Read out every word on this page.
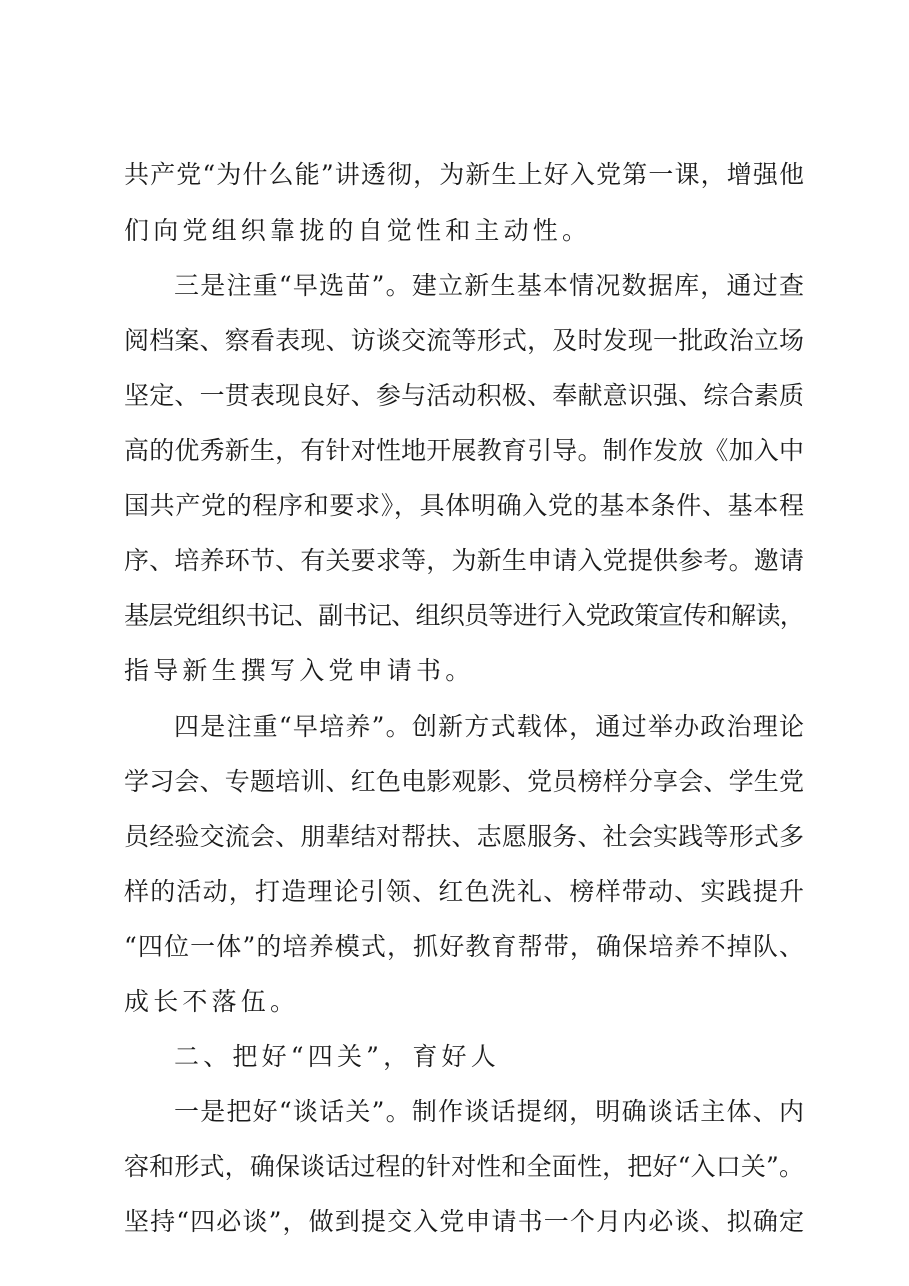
共产党“为什么能”讲透彻，为新生上好入党第一课，增强他
们向党组织靠拢的自觉性和主动性。
三是注重“早选苗”。建立新生基本情况数据库，通过查
阅档案、察看表现、访谈交流等形式，及时发现一批政治立场
坚定、一贯表现良好、参与活动积极、奉献意识强、综合素质
高的优秀新生，有针对性地开展教育引导。制作发放《加入中
国共产党的程序和要求》，具体明确入党的基本条件、基本程
序、培养环节、有关要求等，为新生申请入党提供参考。邀请
基层党组织书记、副书记、组织员等进行入党政策宣传和解读，
指导新生撰写入党申请书。
四是注重“早培养”。创新方式载体，通过举办政治理论
学习会、专题培训、红色电影观影、党员榜样分享会、学生党
员经验交流会、朋辈结对帮扶、志愿服务、社会实践等形式多
样的活动，打造理论引领、红色洗礼、榜样带动、实践提升
“四位一体”的培养模式，抓好教育帮带，确保培养不掉队、
成长不落伍。
二、把好“四关”，育好人
一是把好“谈话关”。制作谈话提纲，明确谈话主体、内
容和形式，确保谈话过程的针对性和全面性，把好“入口关”。
坚持“四必谈”，做到提交入党申请书一个月内必谈、拟确定
